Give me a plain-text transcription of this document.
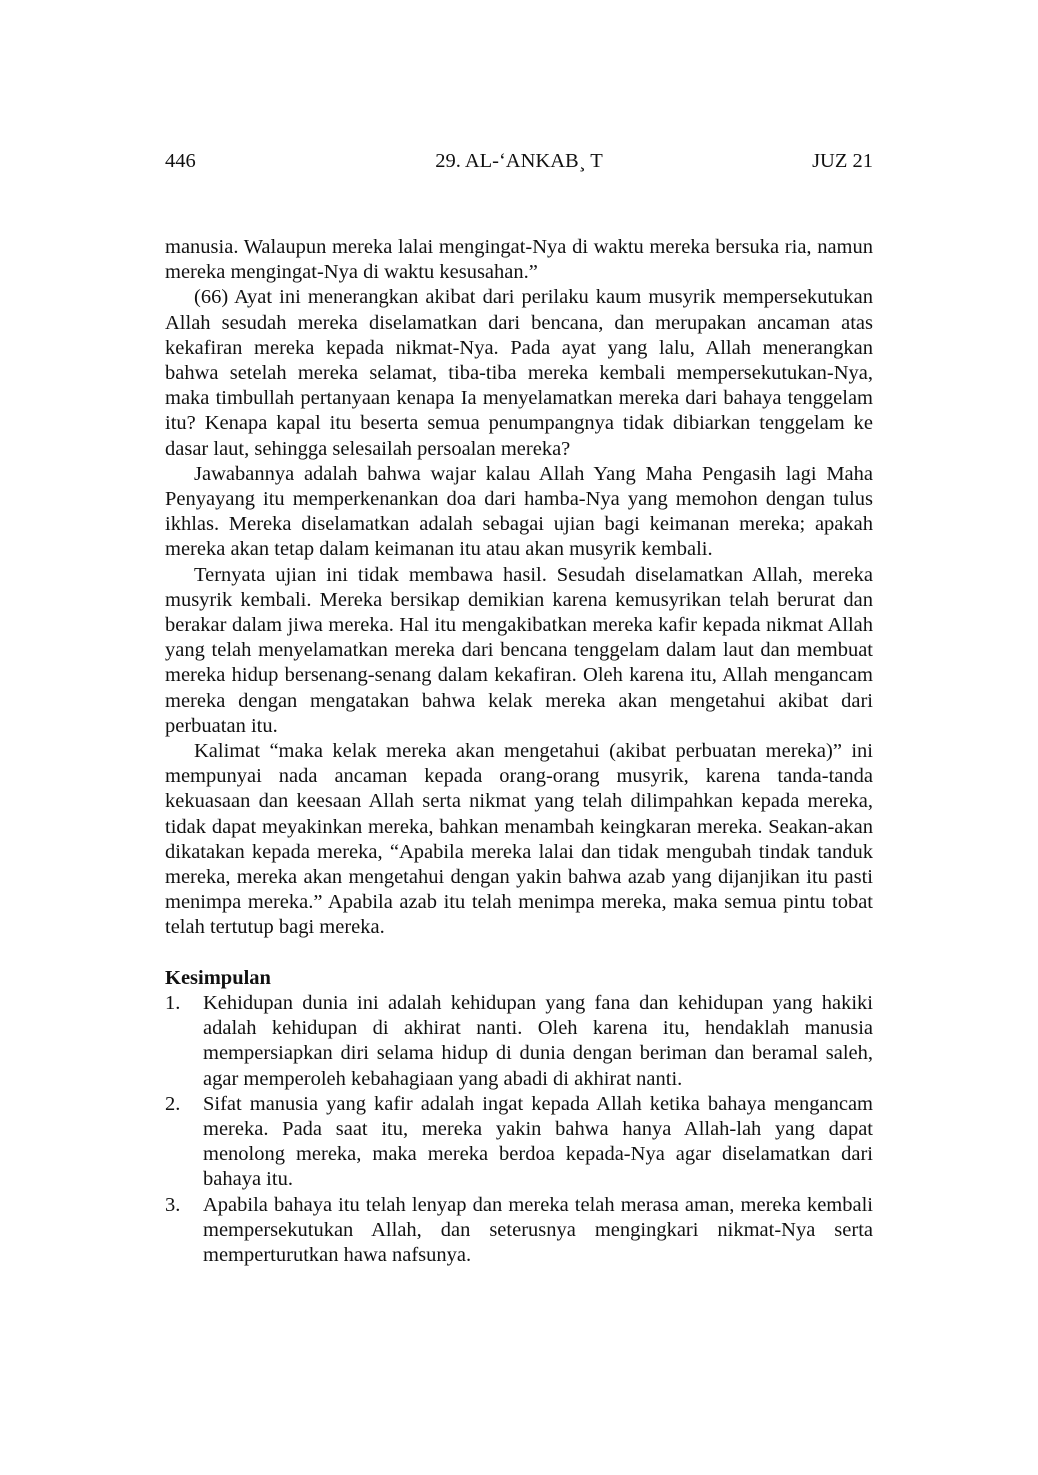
446	29. AL-‘ANKAB¸ T	JUZ 21

manusia. Walaupun mereka lalai mengingat-Nya di waktu mereka bersuka ria, namun mereka mengingat-Nya di waktu kesusahan.”

(66) Ayat ini menerangkan akibat dari perilaku kaum musyrik mempersekutukan Allah sesudah mereka diselamatkan dari bencana, dan merupakan ancaman atas kekafiran mereka kepada nikmat-Nya. Pada ayat yang lalu, Allah menerangkan bahwa setelah mereka selamat, tiba-tiba mereka kembali mempersekutukan-Nya, maka timbullah pertanyaan kenapa Ia menyelamatkan mereka dari bahaya tenggelam itu? Kenapa kapal itu beserta semua penumpangnya tidak dibiarkan tenggelam ke dasar laut, sehingga selesailah persoalan mereka?

Jawabannya adalah bahwa wajar kalau Allah Yang Maha Pengasih lagi Maha Penyayang itu memperkenankan doa dari hamba-Nya yang memohon dengan tulus ikhlas. Mereka diselamatkan adalah sebagai ujian bagi keimanan mereka; apakah mereka akan tetap dalam keimanan itu atau akan musyrik kembali.

Ternyata ujian ini tidak membawa hasil. Sesudah diselamatkan Allah, mereka musyrik kembali. Mereka bersikap demikian karena kemusyrikan telah berurat dan berakar dalam jiwa mereka. Hal itu mengakibatkan mereka kafir kepada nikmat Allah yang telah menyelamatkan mereka dari bencana tenggelam dalam laut dan membuat mereka hidup bersenang-senang dalam kekafiran. Oleh karena itu, Allah mengancam mereka dengan mengatakan bahwa kelak mereka akan mengetahui akibat dari perbuatan itu.

Kalimat “maka kelak mereka akan mengetahui (akibat perbuatan mereka)” ini mempunyai nada ancaman kepada orang-orang musyrik, karena tanda-tanda kekuasaan dan keesaan Allah serta nikmat yang telah dilimpahkan kepada mereka, tidak dapat meyakinkan mereka, bahkan menambah keingkaran mereka. Seakan-akan dikatakan kepada mereka, “Apabila mereka lalai dan tidak mengubah tindak tanduk mereka, mereka akan mengetahui dengan yakin bahwa azab yang dijanjikan itu pasti menimpa mereka.” Apabila azab itu telah menimpa mereka, maka semua pintu tobat telah tertutup bagi mereka.

Kesimpulan
1. Kehidupan dunia ini adalah kehidupan yang fana dan kehidupan yang hakiki adalah kehidupan di akhirat nanti. Oleh karena itu, hendaklah manusia mempersiapkan diri selama hidup di dunia dengan beriman dan beramal saleh, agar memperoleh kebahagiaan yang abadi di akhirat nanti.
2. Sifat manusia yang kafir adalah ingat kepada Allah ketika bahaya mengancam mereka. Pada saat itu, mereka yakin bahwa hanya Allah-lah yang dapat menolong mereka, maka mereka berdoa kepada-Nya agar diselamatkan dari bahaya itu.
3. Apabila bahaya itu telah lenyap dan mereka telah merasa aman, mereka kembali mempersekutukan Allah, dan seterusnya mengingkari nikmat-Nya serta memperturutkan hawa nafsunya.
